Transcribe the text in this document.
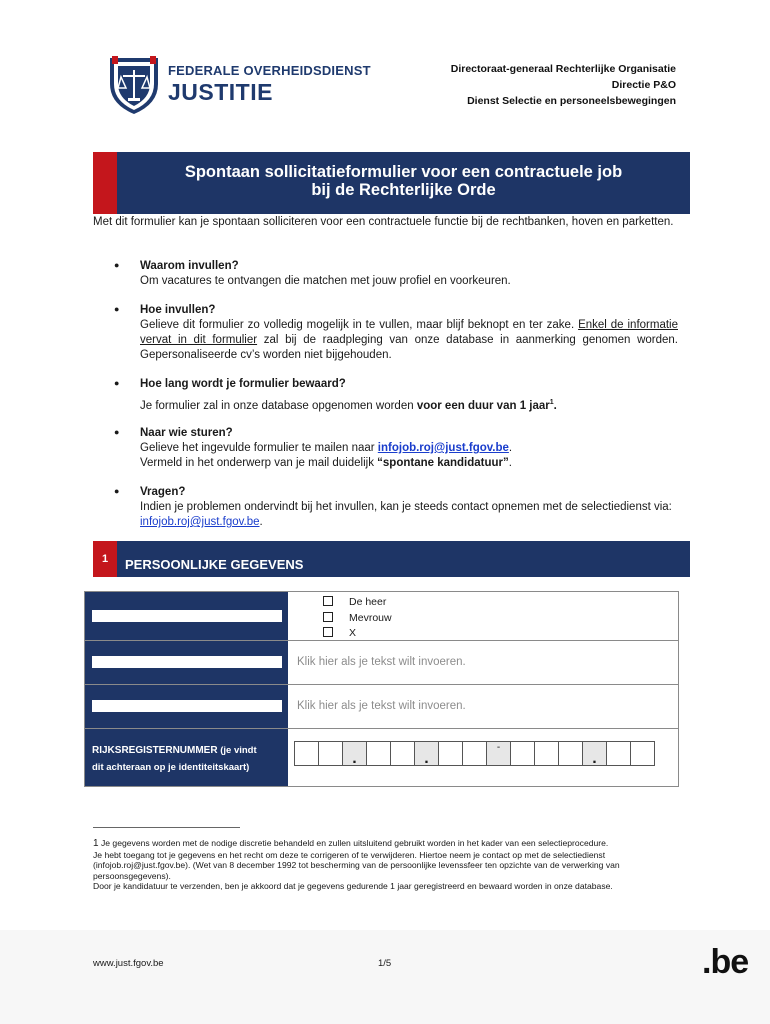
FEDERALE OVERHEIDSDIENST
JUSTITIE
Directoraat-generaal Rechterlijke Organisatie
Directie P&O
Dienst Selectie en personeelsbewegingen
Spontaan sollicitatieformulier voor een contractuele job
bij de Rechterlijke Orde
Met dit formulier kan je spontaan solliciteren voor een contractuele functie bij de rechtbanken, hoven en parketten.
● Waarom invullen?
Om vacatures te ontvangen die matchen met jouw profiel en voorkeuren.
● Hoe invullen?
Gelieve dit formulier zo volledig mogelijk in te vullen, maar blijf beknopt en ter zake. Enkel de informatie vervat in dit formulier zal bij de raadpleging van onze database in aanmerking genomen worden. Gepersonaliseerde cv’s worden niet bijgehouden.
● Hoe lang wordt je formulier bewaard?
Je formulier zal in onze database opgenomen worden voor een duur van 1 jaar$^1$.
● Naar wie sturen?
Gelieve het ingevulde formulier te mailen naar infojob.roj@just.fgov.be.
Vermeld in het onderwerp van je mail duidelijk “spontane kandidatuur”.
● Vragen?
Indien je problemen ondervindt bij het invullen, kan je steeds contact opnemen met de selectiedienst via: infojob.roj@just.fgov.be.
1	PERSOONLIJKE GEGEVENS
De heer
Mevrouw
X
Klik hier als je tekst wilt invoeren.
Klik hier als je tekst wilt invoeren.
RIJKSREGISTERNUMMER (je vindt
dit achteraan op je identiteitskaart)
.
.
-
.
1 Je gegevens worden met de nodige discretie behandeld en zullen uitsluitend gebruikt worden in het kader van een selectieprocedure.
Je hebt toegang tot je gegevens en het recht om deze te corrigeren of te verwijderen. Hiertoe neem je contact op met de selectiedienst (infojob.roj@just.fgov.be). (Wet van 8 december 1992 tot bescherming van de persoonlijke levenssfeer ten opzichte van de verwerking van persoonsgegevens).
Door je kandidatuur te verzenden, ben je akkoord dat je gegevens gedurende 1 jaar geregistreerd en bewaard worden in onze database.
www.just.fgov.be	1/5	.be
